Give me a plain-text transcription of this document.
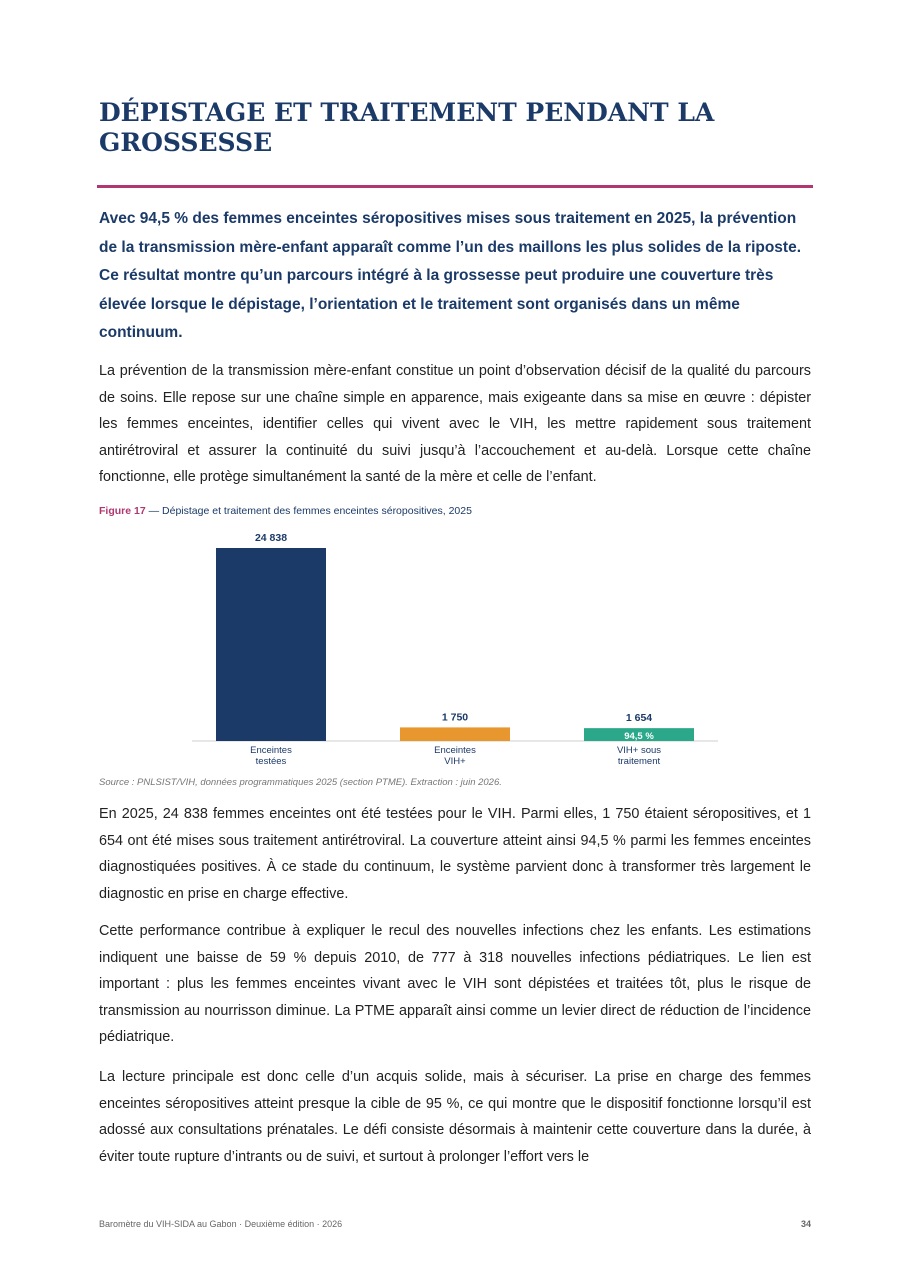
DÉPISTAGE ET TRAITEMENT PENDANT LA GROSSESSE

Avec 94,5 % des femmes enceintes séropositives mises sous traitement en 2025, la prévention de la transmission mère-enfant apparaît comme l’un des maillons les plus solides de la riposte. Ce résultat montre qu’un parcours intégré à la grossesse peut produire une couverture très élevée lorsque le dépistage, l’orientation et le traitement sont organisés dans un même continuum.

La prévention de la transmission mère-enfant constitue un point d’observation décisif de la qualité du parcours de soins. Elle repose sur une chaîne simple en apparence, mais exigeante dans sa mise en œuvre : dépister les femmes enceintes, identifier celles qui vivent avec le VIH, les mettre rapidement sous traitement antirétroviral et assurer la continuité du suivi jusqu’à l’accouchement et au-delà. Lorsque cette chaîne fonctionne, elle protège simultanément la santé de la mère et celle de l’enfant.

Figure 17 — Dépistage et traitement des femmes enceintes séropositives, 2025
24 838
Enceintes
testées
1 750
Enceintes
VIH+
1 654
VIH+ sous
traitement
94,5 %
Source : PNLSIST/VIH, données programmatiques 2025 (section PTME). Extraction : juin 2026.

En 2025, 24 838 femmes enceintes ont été testées pour le VIH. Parmi elles, 1 750 étaient séropositives, et 1 654 ont été mises sous traitement antirétroviral. La couverture atteint ainsi 94,5 % parmi les femmes enceintes diagnostiquées positives. À ce stade du continuum, le système parvient donc à transformer très largement le diagnostic en prise en charge effective.

Cette performance contribue à expliquer le recul des nouvelles infections chez les enfants. Les estimations indiquent une baisse de 59 % depuis 2010, de 777 à 318 nouvelles infections pédiatriques. Le lien est important : plus les femmes enceintes vivant avec le VIH sont dépistées et traitées tôt, plus le risque de transmission au nourrisson diminue. La PTME apparaît ainsi comme un levier direct de réduction de l’incidence pédiatrique.

La lecture principale est donc celle d’un acquis solide, mais à sécuriser. La prise en charge des femmes enceintes séropositives atteint presque la cible de 95 %, ce qui montre que le dispositif fonctionne lorsqu’il est adossé aux consultations prénatales. Le défi consiste désormais à maintenir cette couverture dans la durée, à éviter toute rupture d’intrants ou de suivi, et surtout à prolonger l’effort vers le

Baromètre du VIH-SIDA au Gabon · Deuxième édition · 2026	34
